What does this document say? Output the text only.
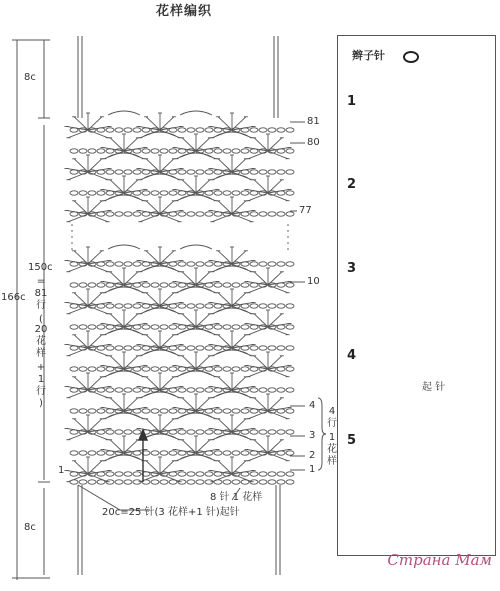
花样编织
8c
150c
=
81
行
(
20
花
样
+
1
行
)
166c
8c
81
80
77
10
4
3
2
1
1
4
行
1
花
样
8 针 1 花样
20c=25 针(3 花样+1 针)起针
辫子针
1
2
3
4
5
起 针
Страна Мам
